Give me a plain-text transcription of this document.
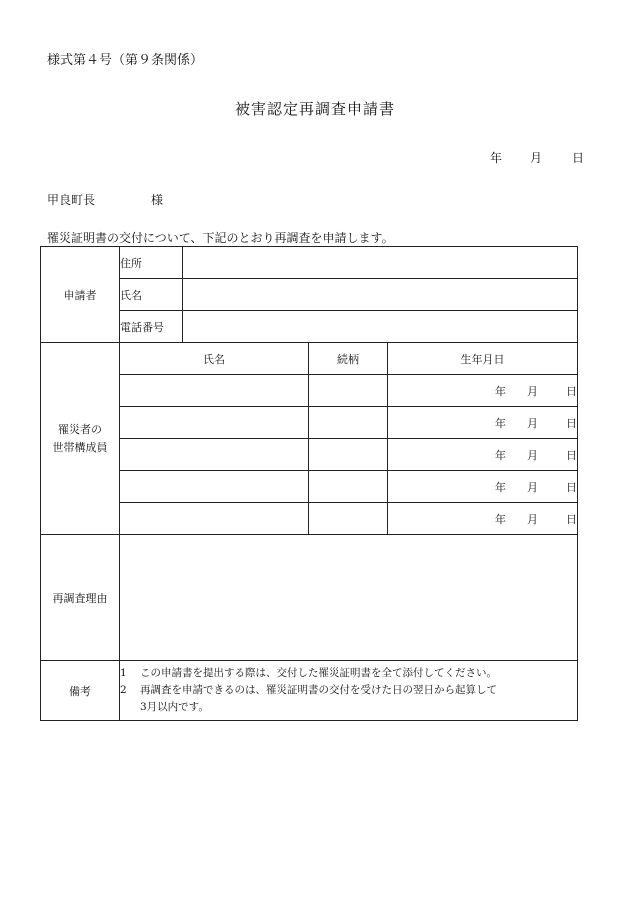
様式第４号（第９条関係）
被害認定再調査申請書
年 月	日
甲良町長	様
罹災証明書の交付について、下記のとおり再調査を申請します。
申請者	住所			
	氏名			
	電話番号			
罹災者の
世帯構成員	氏名		続柄	生年月日
				年 月 日
				年 月 日
				年 月 日
				年 月 日
				年 月 日
再調査理由				
備考	1 この申請書を提出する際は、交付した罹災証明書を全て添付してください。
2 再調査を申請できるのは、罹災証明書の交付を受けた日の翌日から起算して
3月以内です。			
